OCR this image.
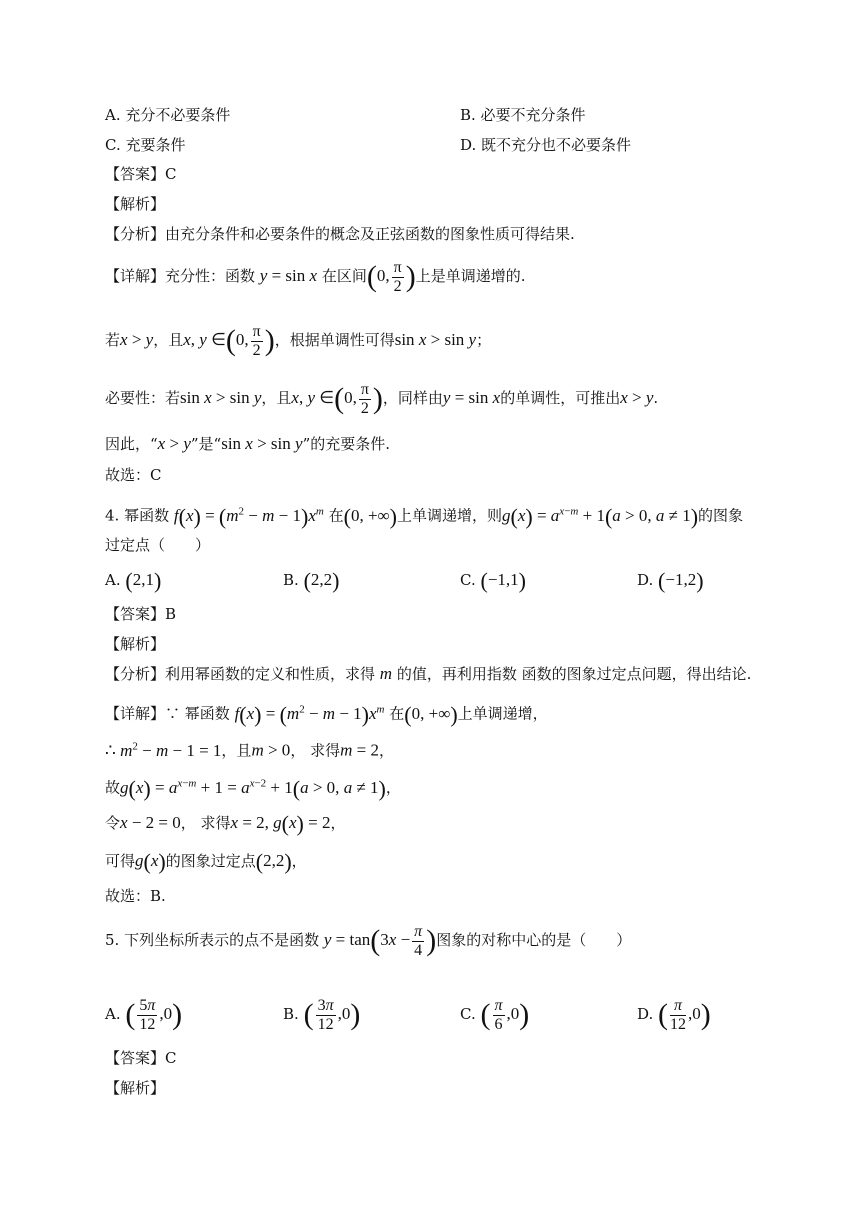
A. 充分不必要条件	B. 必要不充分条件
C. 充要条件	D. 既不充分也不必要条件
【答案】C
【解析】
【分析】由充分条件和必要条件的概念及正弦函数的图象性质可得结果.
【详解】充分性：函数 y = sin x 在区间(0, $\frac{\pi}{2}$ )上是单调递增的.
若x > y，且x, y ∈(0, $\frac{\pi}{2}$ )，根据单调性可得sin x > sin y；
必要性：若sin x > sin y，且x, y ∈(0, $\frac{\pi}{2}$ )，同样由y = sin x的单调性，可推出x > y.
因此，“x > y”是“sin x > sin y”的充要条件.
故选：C
4. 幂函数 $f(x) = (m^2 - m - 1)x^m$ 在(0, +∞)上单调递增，则$g(x) = a^{x-m} + 1(a > 0$, a ≠ 1)的图象
过定点（　　）
A. (2,1)	B. (2,2)	C. (−1,1)	D. (−1,2)
【答案】B
【解析】
【分析】利用幂函数的定义和性质，求得 m 的值，再利用指数 函数的图象过定点问题，得出结论.
【详解】∵ 幂函数 $f(x) = (m^2 - m - 1)x^m$ 在(0, +∞)上单调递增，
∴ $m^2 - m - 1 = 1$，且m > 0， 求得m = 2，
故$g(x) = a^{x-m} + 1 = a^{x-2} + 1(a > 0$, a ≠ 1)，
令x − 2 = 0， 求得x = 2, g(x) = 2，
可得g(x)的图象过定点(2,2)，
故选：B.
5. 下列坐标所表示的点不是函数 $y = \tan(3x - \frac{\pi}{4}$ )图象的对称中心的是（　　）
A. ( $\frac{5\pi}{12} ,0$)	B. ( $\frac{3\pi}{12} ,0$)	C. ( $\frac{\pi}{6} ,0$)	D. ( $\frac{\pi}{12} ,0$)
【答案】C
【解析】
